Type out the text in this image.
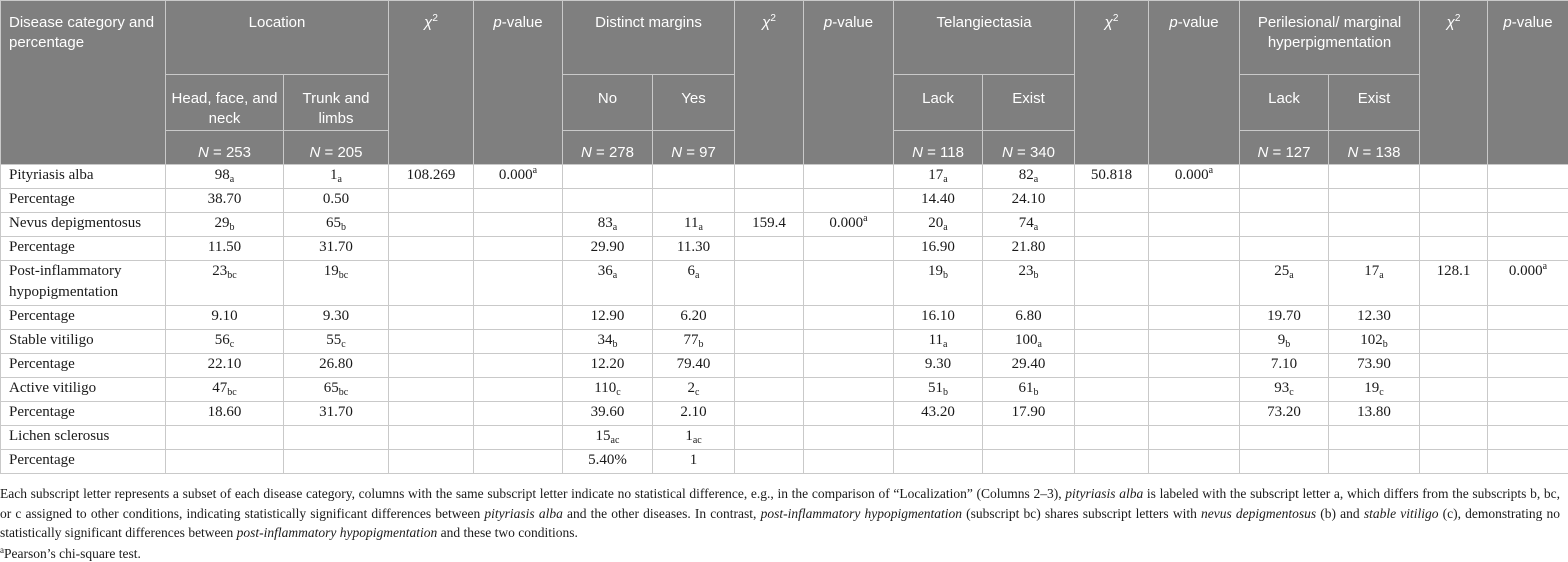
Disease category and percentage	Location		$\chi^2$	p-value	Distinct margins		$\chi^2$	p-value	Telangiectasia		$\chi^2$	p-value	Perilesional/ marginal hyperpigmentation		$\chi^2$	p-value
	Head, face, and neck	Trunk and limbs			No	Yes			Lack	Exist			Lack	Exist		
	N = 253	N = 205			N = 278	N = 97			N = 118	N = 340			N = 127	N = 138		
Pityriasis alba	$98_a$	$1_a$	108.269	0.000$^a$					$17_a$	$82_a$	50.818	0.000$^a$				
Percentage	38.70	0.50							14.40	24.10						
Nevus depigmentosus	$29_b$	$65_b$			$83_a$	$11_a$	159.4	0.000$^a$	$20_a$	$74_a$						
Percentage	11.50	31.70			29.90	11.30			16.90	21.80						
Post-inflammatory hypopigmentation	$23_{bc}$	$19_{bc}$			$36_a$	$6_a$			$19_b$	$23_b$			$25_a$	$17_a$	128.1	0.000$^a$
Percentage	9.10	9.30			12.90	6.20			16.10	6.80			19.70	12.30		
Stable vitiligo	$56_c$	$55_c$			$34_b$	$77_b$			$11_a$	$100_a$			$9_b$	$102_b$		
Percentage	22.10	26.80			12.20	79.40			9.30	29.40			7.10	73.90		
Active vitiligo	$47_{bc}$	$65_{bc}$			$110_c$	$2_c$			$51_b$	$61_b$			$93_c$	$19_c$		
Percentage	18.60	31.70			39.60	2.10			43.20	17.90			73.20	13.80		
Lichen sclerosus					$15_{ac}$	$1_{ac}$										
Percentage					5.40%	1										

Each subscript letter represents a subset of each disease category, columns with the same subscript letter indicate no statistical difference, e.g., in the comparison of “Localization” (Columns 2–3), pityriasis alba is labeled with the subscript letter a, which differs from the subscripts b, bc, or c assigned to other conditions, indicating statistically significant differences between pityriasis alba and the other diseases. In contrast, post-inflammatory hypopigmentation (subscript bc) shares subscript letters with nevus depigmentosus (b) and stable vitiligo (c), demonstrating no statistically significant differences between post-inflammatory hypopigmentation and these two conditions.

$^a$Pearson’s chi-square test.
